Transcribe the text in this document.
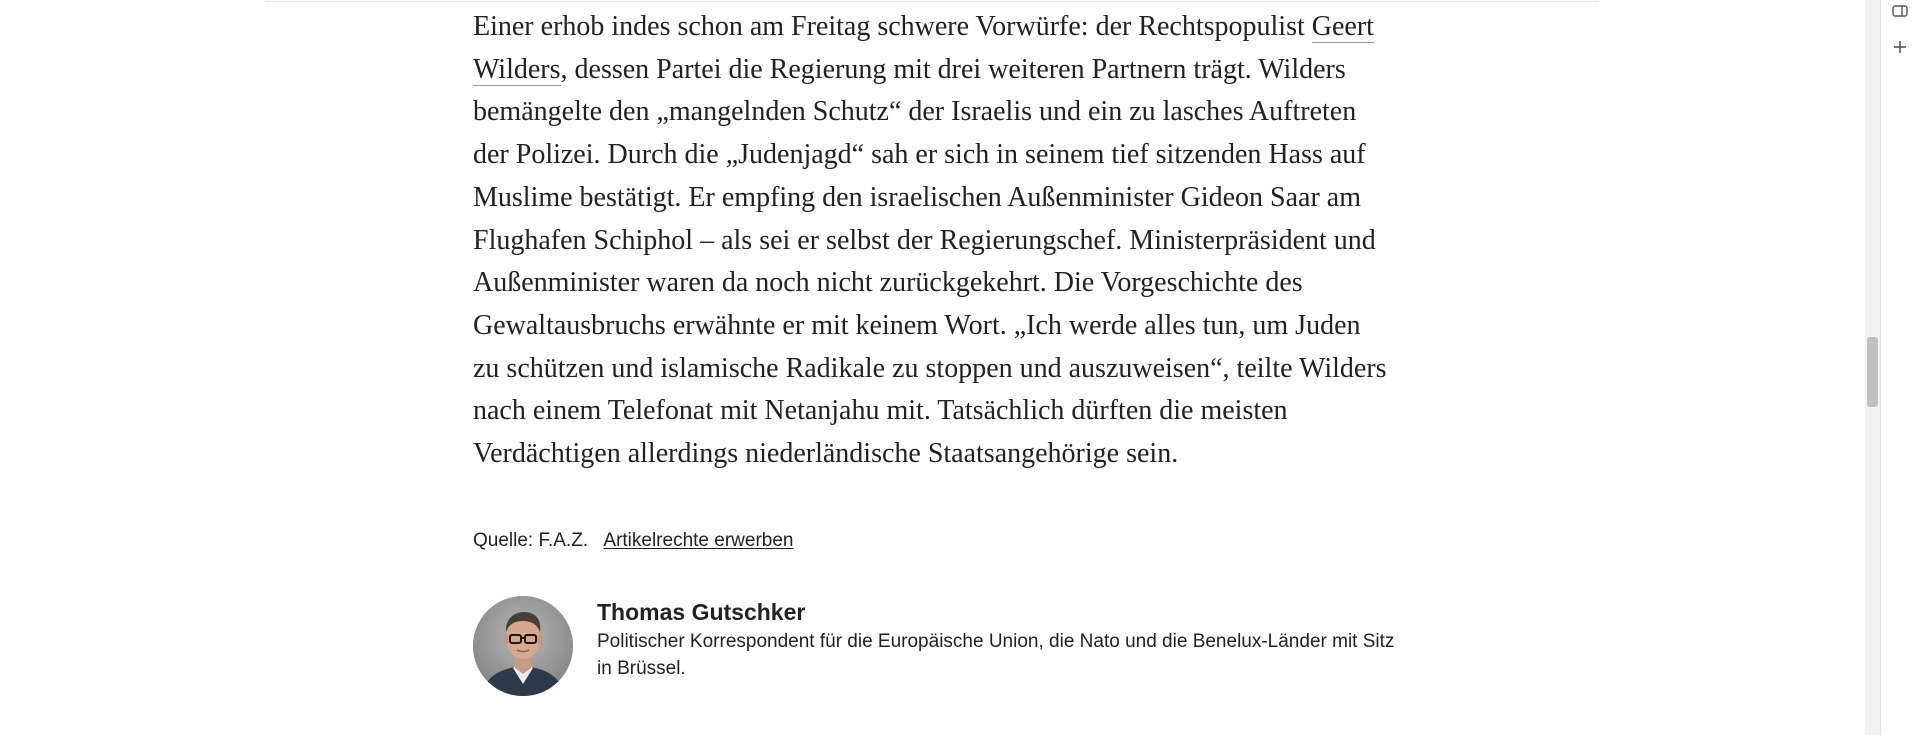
Einer erhob indes schon am Freitag schwere Vorwürfe: der Rechtspopulist Geert Wilders, dessen Partei die Regierung mit drei weiteren Partnern trägt. Wilders bemängelte den „mangelnden Schutz“ der Israelis und ein zu lasches Auftreten der Polizei. Durch die „Judenjagd“ sah er sich in seinem tief sitzenden Hass auf Muslime bestätigt. Er empfing den israelischen Außenminister Gideon Saar am Flughafen Schiphol – als sei er selbst der Regierungschef. Ministerpräsident und Außenminister waren da noch nicht zurückgekehrt. Die Vorgeschichte des Gewaltausbruchs erwähnte er mit keinem Wort. „Ich werde alles tun, um Juden zu schützen und islamische Radikale zu stoppen und auszuweisen“, teilte Wilders nach einem Telefonat mit Netanjahu mit. Tatsächlich dürften die meisten Verdächtigen allerdings niederländische Staatsangehörige sein.

Quelle: F.A.Z. Artikelrechte erwerben
Thomas Gutschker
Politischer Korrespondent für die Europäische Union, die Nato und die Benelux-Länder mit Sitz in Brüssel.
